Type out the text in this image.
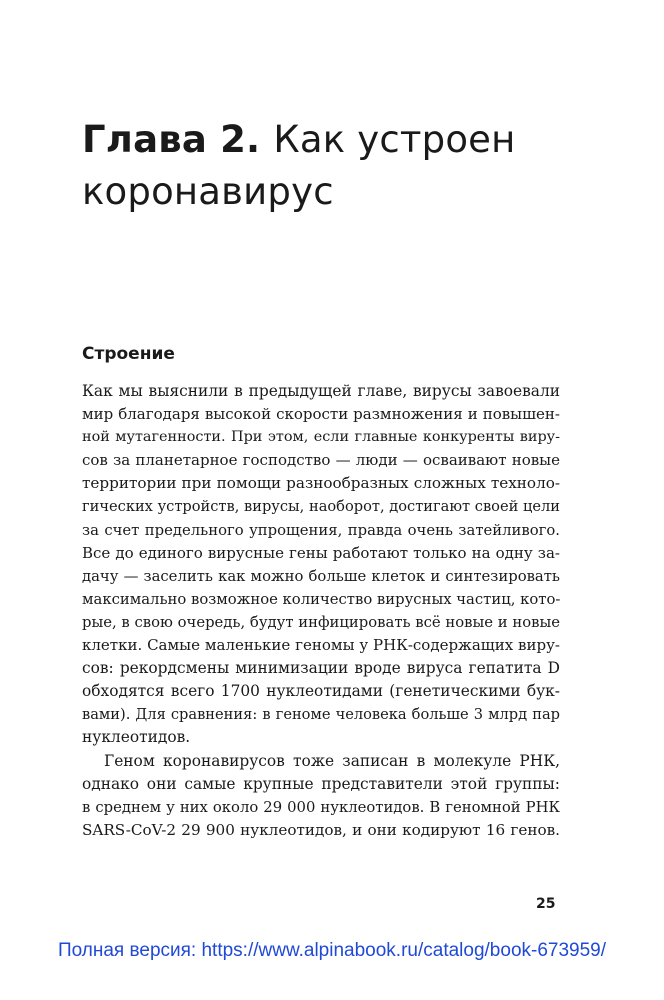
Глава 2. Как устроен
коронавирус
Строение
Как мы выяснили в предыдущей главе, вирусы завоевали
мир благодаря высокой скорости размножения и повышен-
ной мутагенности. При этом, если главные конкуренты виру-
сов за планетарное господство — люди — осваивают новые
территории при помощи разнообразных сложных техноло-
гических устройств, вирусы, наоборот, достигают своей цели
за счет предельного упрощения, правда очень затейливого.
Все до единого вирусные гены работают только на одну за-
дачу — заселить как можно больше клеток и синтезировать
максимально возможное количество вирусных частиц, кото-
рые, в свою очередь, будут инфицировать всё новые и новые
клетки. Самые маленькие геномы у РНК-содержащих виру-
сов: рекордсмены минимизации вроде вируса гепатита D
обходятся всего 1700 нуклеотидами (генетическими бук-
вами). Для сравнения: в геноме человека больше 3 млрд пар
нуклеотидов.
Геном коронавирусов тоже записан в молекуле РНК,
однако они самые крупные представители этой группы:
в среднем у них около 29 000 нуклеотидов. В геномной РНК
SARS-CoV-2 29 900 нуклеотидов, и они кодируют 16 генов.
25
Полная версия: https://www.alpinabook.ru/catalog/book-673959/
